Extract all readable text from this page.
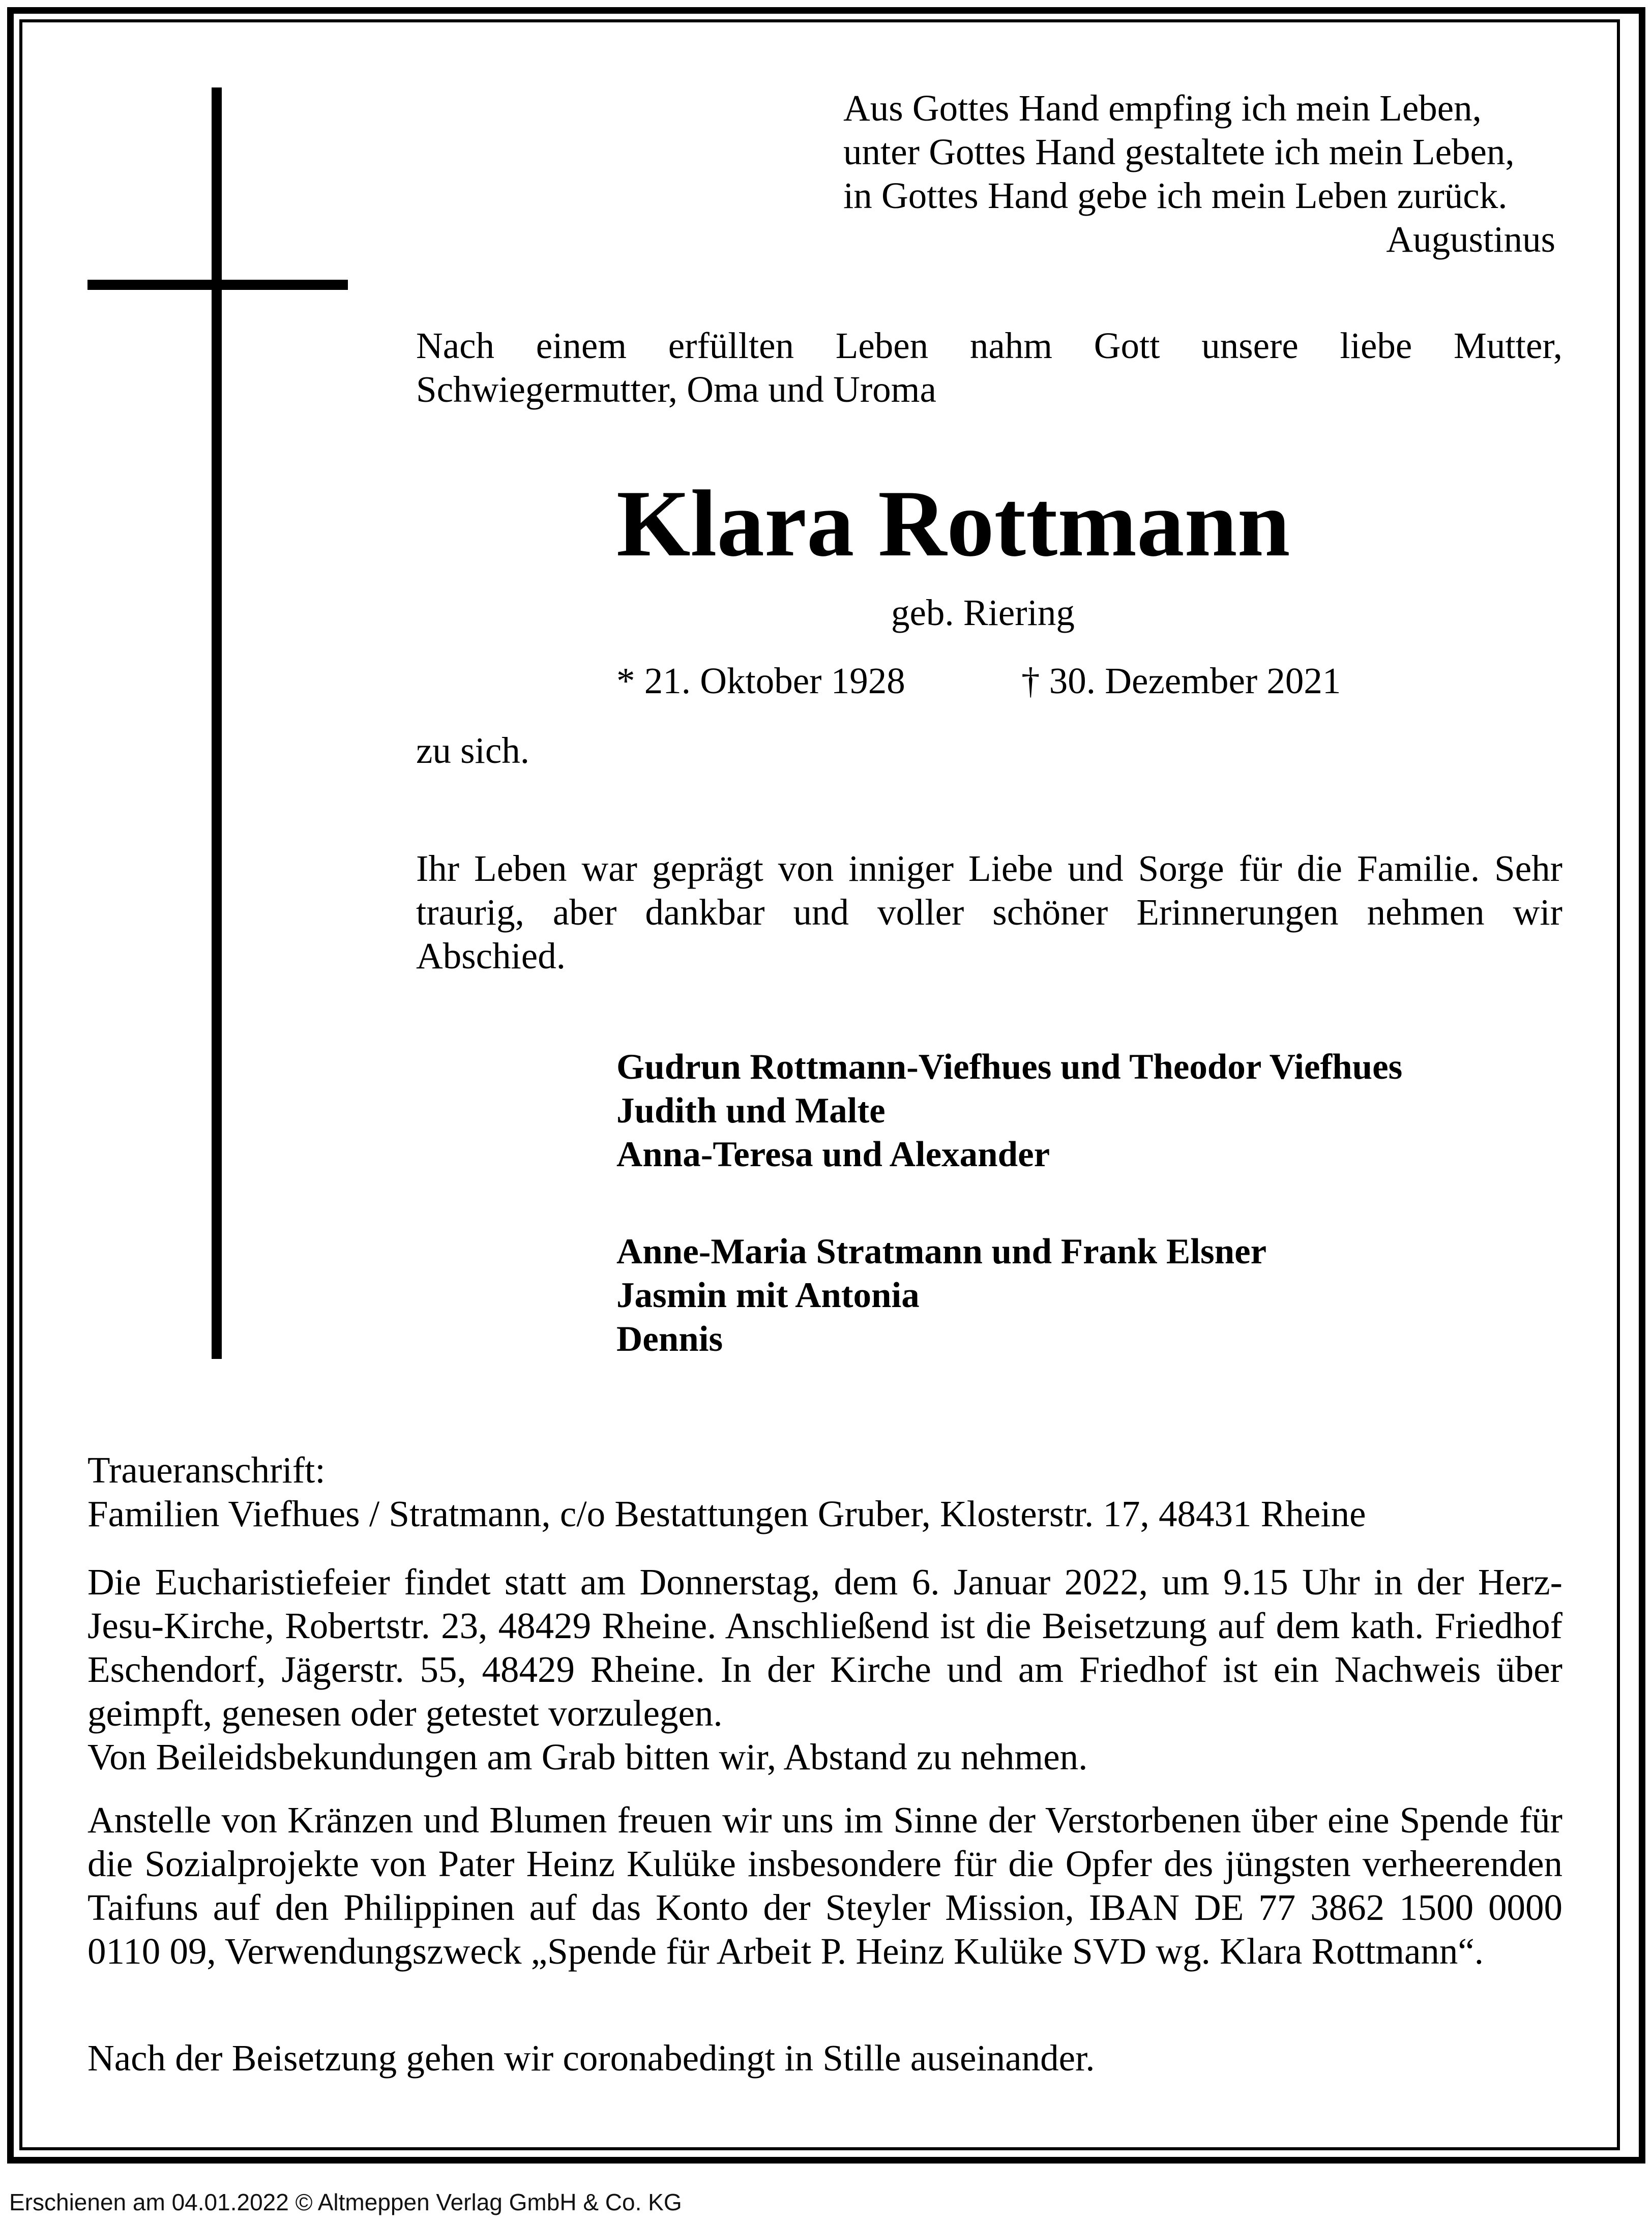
Aus Gottes Hand empfing ich mein Leben,
unter Gottes Hand gestaltete ich mein Leben,
in Gottes Hand gebe ich mein Leben zurück.
Augustinus

Nach einem erfüllten Leben nahm Gott unsere liebe Mutter, Schwiegermutter, Oma und Uroma

Klara Rottmann
geb. Riering
* 21. Oktober 1928	† 30. Dezember 2021
zu sich.

Ihr Leben war geprägt von inniger Liebe und Sorge für die Familie. Sehr traurig, aber dankbar und voller schöner Erinnerungen nehmen wir Abschied.

Gudrun Rottmann-Viefhues und Theodor Viefhues
Judith und Malte
Anna-Teresa und Alexander
Anne-Maria Stratmann und Frank Elsner
Jasmin mit Antonia
Dennis
Traueranschrift:
Familien Viefhues / Stratmann, c/o Bestattungen Gruber, Klosterstr. 17, 48431 Rheine

Die Eucharistiefeier findet statt am Donnerstag, dem 6. Januar 2022, um 9.15 Uhr in der Herz-Jesu-Kirche, Robertstr. 23, 48429 Rheine. Anschließend ist die Beisetzung auf dem kath. Friedhof Eschendorf, Jägerstr. 55, 48429 Rheine. In der Kirche und am Friedhof ist ein Nachweis über geimpft, genesen oder getestet vorzulegen.

Von Beileidsbekundungen am Grab bitten wir, Abstand zu nehmen.

Anstelle von Kränzen und Blumen freuen wir uns im Sinne der Verstorbenen über eine Spende für die Sozialprojekte von Pater Heinz Kulüke insbesondere für die Opfer des jüngsten verheerenden Taifuns auf den Philippinen auf das Konto der Steyler Mission, IBAN DE 77 3862 1500 0000 0110 09, Verwendungszweck „Spende für Arbeit P. Heinz Kulüke SVD wg. Klara Rottmann“.

Nach der Beisetzung gehen wir coronabedingt in Stille auseinander.
Erschienen am 04.01.2022 © Altmeppen Verlag GmbH & Co. KG
